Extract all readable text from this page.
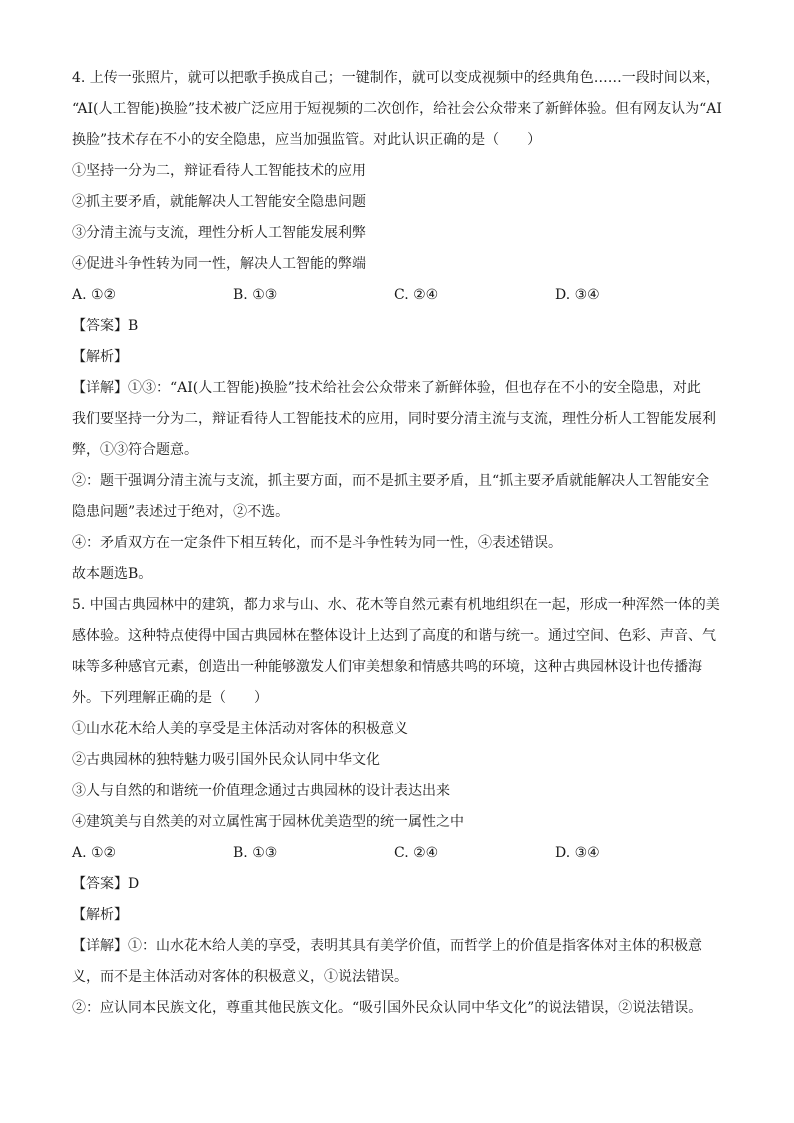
4. 上传一张照片，就可以把歌手换成自己；一键制作，就可以变成视频中的经典角色……一段时间以来，
“AI(人工智能)换脸”技术被广泛应用于短视频的二次创作，给社会公众带来了新鲜体验。但有网友认为“AI
换脸”技术存在不小的安全隐患，应当加强监管。对此认识正确的是（　　）
①坚持一分为二，辩证看待人工智能技术的应用
②抓主要矛盾，就能解决人工智能安全隐患问题
③分清主流与支流，理性分析人工智能发展利弊
④促进斗争性转为同一性，解决人工智能的弊端
A. ①②	B. ①③	C. ②④	D. ③④
【答案】B
【解析】
【详解】①③：“AI(人工智能)换脸”技术给社会公众带来了新鲜体验，但也存在不小的安全隐患，对此
我们要坚持一分为二，辩证看待人工智能技术的应用，同时要分清主流与支流，理性分析人工智能发展利
弊，①③符合题意。
②：题干强调分清主流与支流，抓主要方面，而不是抓主要矛盾，且“抓主要矛盾就能解决人工智能安全
隐患问题”表述过于绝对，②不选。
④：矛盾双方在一定条件下相互转化，而不是斗争性转为同一性，④表述错误。
故本题选B。
5. 中国古典园林中的建筑，都力求与山、水、花木等自然元素有机地组织在一起，形成一种浑然一体的美
感体验。这种特点使得中国古典园林在整体设计上达到了高度的和谐与统一。通过空间、色彩、声音、气
味等多种感官元素，创造出一种能够激发人们审美想象和情感共鸣的环境，这种古典园林设计也传播海
外。下列理解正确的是（　　）
①山水花木给人美的享受是主体活动对客体的积极意义
②古典园林的独特魅力吸引国外民众认同中华文化
③人与自然的和谐统一价值理念通过古典园林的设计表达出来
④建筑美与自然美的对立属性寓于园林优美造型的统一属性之中
A. ①②	B. ①③	C. ②④	D. ③④
【答案】D
【解析】
【详解】①：山水花木给人美的享受，表明其具有美学价值，而哲学上的价值是指客体对主体的积极意
义，而不是主体活动对客体的积极意义，①说法错误。
②：应认同本民族文化，尊重其他民族文化。“吸引国外民众认同中华文化”的说法错误，②说法错误。
